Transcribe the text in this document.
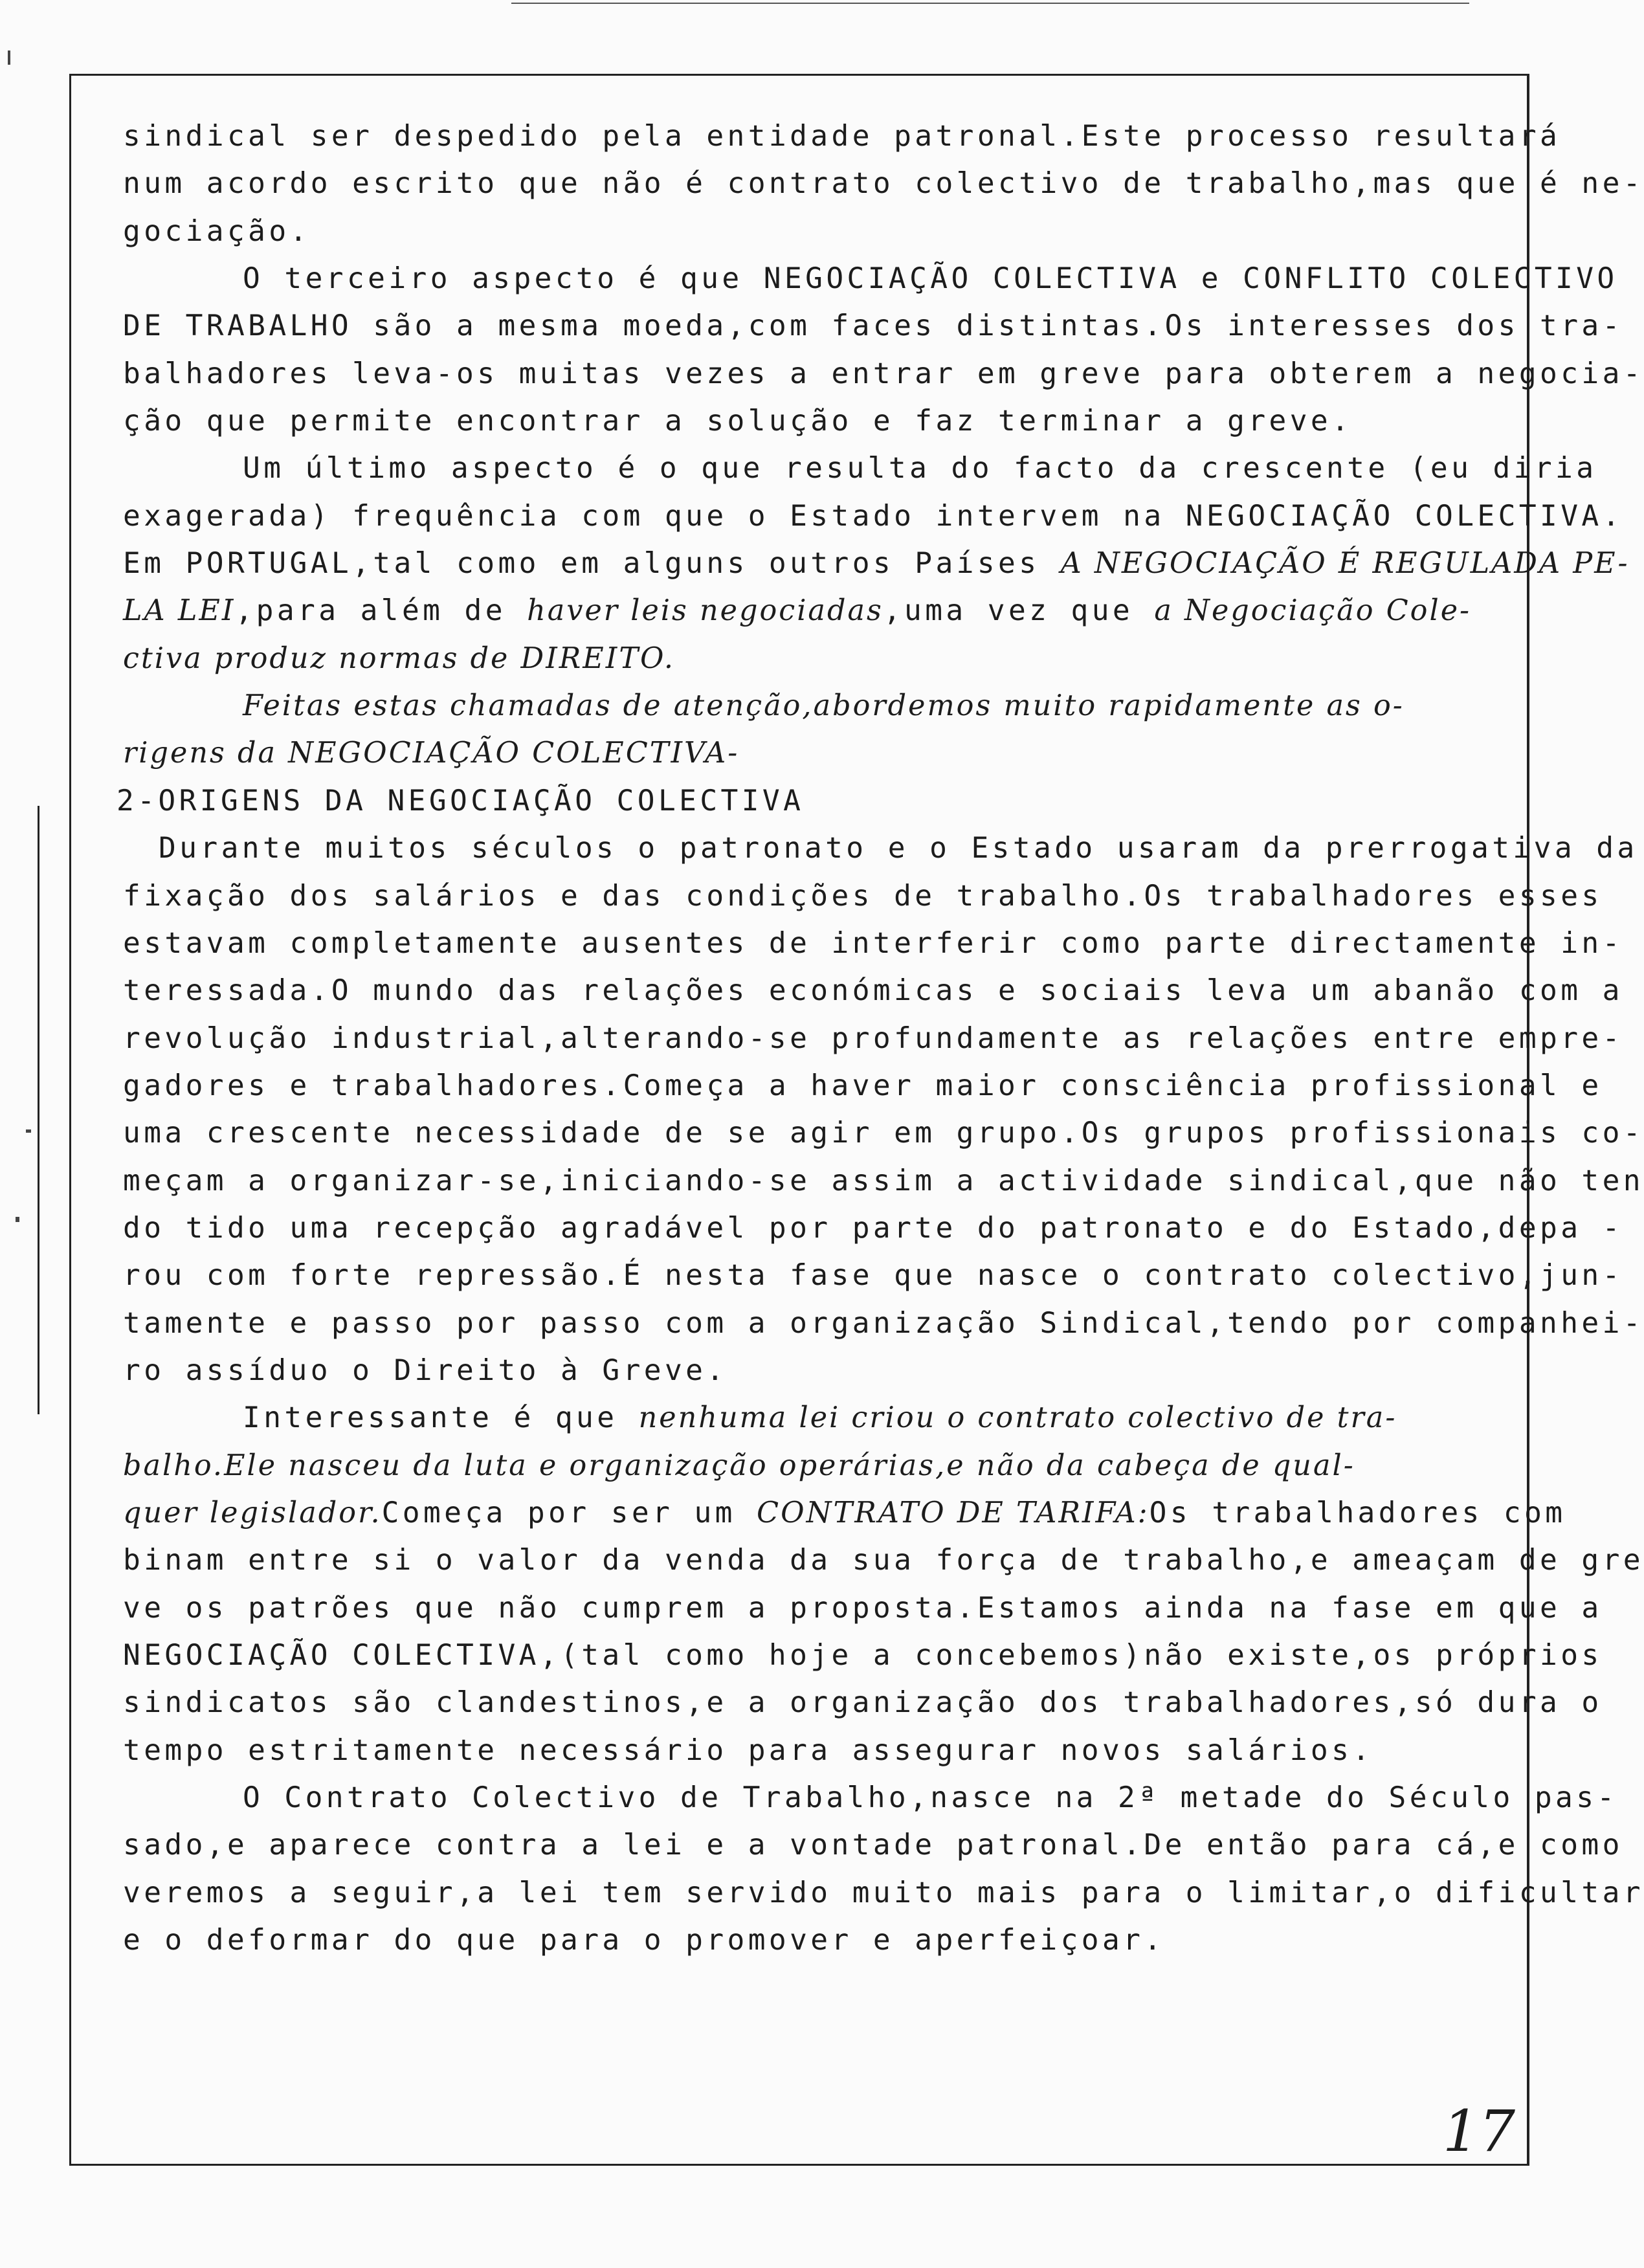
sindical ser despedido pela entidade patronal.Este processo resultará
num acordo escrito que não é contrato colectivo de trabalho,mas que é ne-
gociação.
O terceiro aspecto é que NEGOCIAÇÃO COLECTIVA e CONFLITO COLECTIVO
DE TRABALHO são a mesma moeda,com faces distintas.Os interesses dos tra-
balhadores leva-os muitas vezes a entrar em greve para obterem a negocia-
ção que permite encontrar a solução e faz terminar a greve.
Um último aspecto é o que resulta do facto da crescente (eu diria
exagerada) frequência com que o Estado intervem na NEGOCIAÇÃO COLECTIVA.
Em PORTUGAL,tal como em alguns outros Países A NEGOCIAÇÃO É REGULADA PE-
LA LEI,para além de haver leis negociadas,uma vez que a Negociação Cole-
ctiva produz normas de DIREITO.
Feitas estas chamadas de atenção,abordemos muito rapidamente as o-
rigens da NEGOCIAÇÃO COLECTIVA-
2-ORIGENS DA NEGOCIAÇÃO COLECTIVA
Durante muitos séculos o patronato e o Estado usaram da prerrogativa da
fixação dos salários e das condições de trabalho.Os trabalhadores esses
estavam completamente ausentes de interferir como parte directamente in-
teressada.O mundo das relações económicas e sociais leva um abanão com a
revolução industrial,alterando-se profundamente as relações entre empre-
gadores e trabalhadores.Começa a haver maior consciência profissional e
uma crescente necessidade de se agir em grupo.Os grupos profissionais co-
meçam a organizar-se,iniciando-se assim a actividade sindical,que não ten
do tido uma recepção agradável por parte do patronato e do Estado,depa -
rou com forte repressão.É nesta fase que nasce o contrato colectivo,jun-
tamente e passo por passo com a organização Sindical,tendo por companhei-
ro assíduo o Direito à Greve.
Interessante é que nenhuma lei criou o contrato colectivo de tra-
balho.Ele nasceu da luta e organização operárias,e não da cabeça de qual-
quer legislador.Começa por ser um CONTRATO DE TARIFA:Os trabalhadores com
binam entre si o valor da venda da sua força de trabalho,e ameaçam de gre
ve os patrões que não cumprem a proposta.Estamos ainda na fase em que a
NEGOCIAÇÃO COLECTIVA,(tal como hoje a concebemos)não existe,os próprios
sindicatos são clandestinos,e a organização dos trabalhadores,só dura o
tempo estritamente necessário para assegurar novos salários.
O Contrato Colectivo de Trabalho,nasce na 2ª metade do Século pas-
sado,e aparece contra a lei e a vontade patronal.De então para cá,e como
veremos a seguir,a lei tem servido muito mais para o limitar,o dificultar
e o deformar do que para o promover e aperfeiçoar.
17
